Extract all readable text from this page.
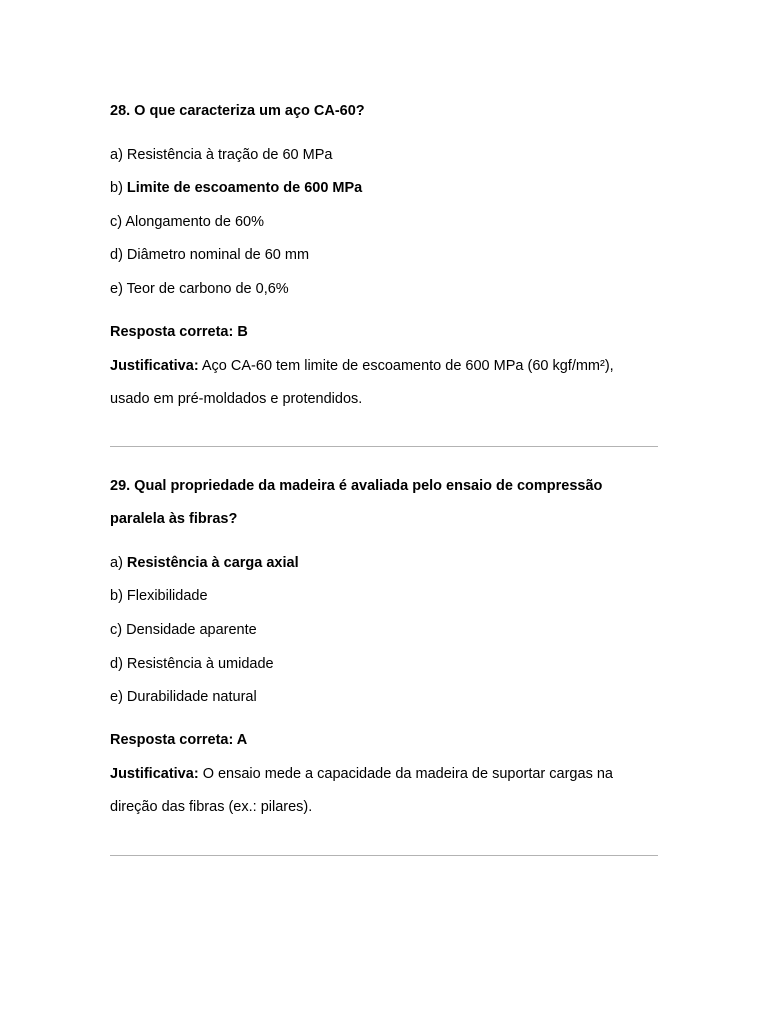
28. O que caracteriza um aço CA-60?

a) Resistência à tração de 60 MPa

b) Limite de escoamento de 600 MPa

c) Alongamento de 60%

d) Diâmetro nominal de 60 mm

e) Teor de carbono de 0,6%

Resposta correta: B

Justificativa: Aço CA-60 tem limite de escoamento de 600 MPa (60 kgf/mm²),

usado em pré-moldados e protendidos.

29. Qual propriedade da madeira é avaliada pelo ensaio de compressão

paralela às fibras?

a) Resistência à carga axial

b) Flexibilidade

c) Densidade aparente

d) Resistência à umidade

e) Durabilidade natural

Resposta correta: A

Justificativa: O ensaio mede a capacidade da madeira de suportar cargas na

direção das fibras (ex.: pilares).
